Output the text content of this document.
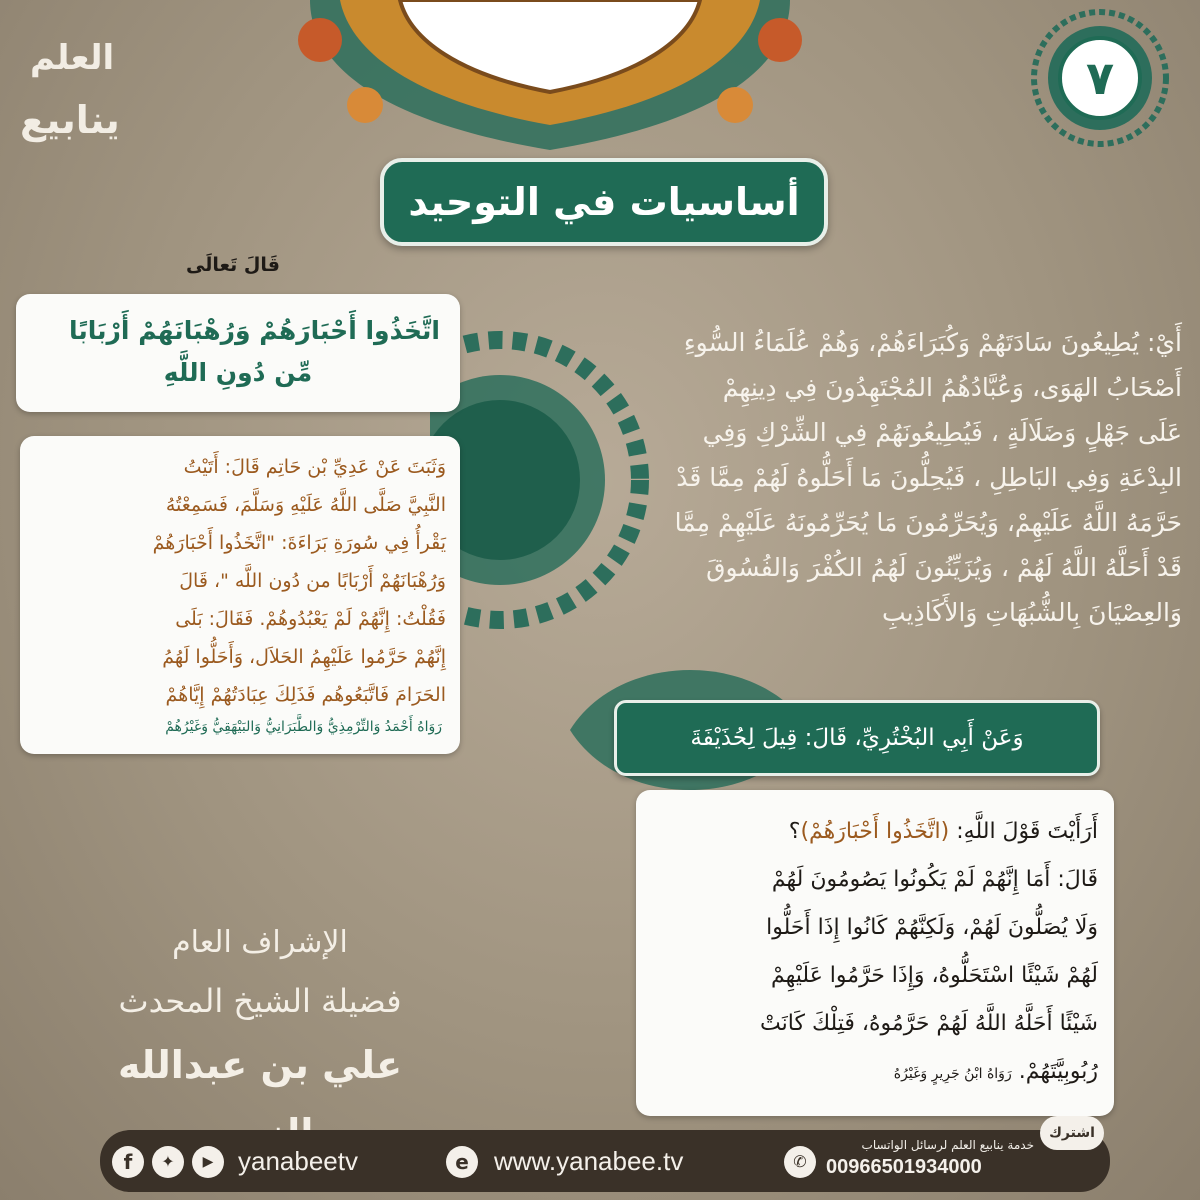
٧
العلم
ينابيع
أساسيات في التوحيد
قَالَ تَعالَى
اتَّخَذُوا أَحْبَارَهُمْ وَرُهْبَانَهُمْ أَرْبَابًا
مِّن دُونِ اللَّهِ
وَثَبَتَ عَنْ عَدِيِّ بْن حَاتِم قَالَ: أَتَيْتُ
النَّبِيَّ صَلَّى اللَّهُ عَلَيْهِ وَسَلَّمَ، فَسَمِعْتُهُ
يَقْرأُ فِي سُورَةِ بَرَاءَةَ: "اتَّخَذُوا أَحْبَارَهُمْ
وَرُهْبَانَهُمْ أَرْبَابًا من دُون اللَّه "، قَالَ
فَقُلْتُ: إِنَّهُمْ لَمْ يَعْبُدُوهُمْ. فَقَالَ: بَلَى
إِنَّهُمْ حَرَّمُوا عَلَيْهِمُ الحَلاَل، وَأَحَلُّوا لَهُمُ
الحَرَامَ فَاتَّبَعُوهُم فَذَلِكَ عِبَادَتُهُمْ إِيَّاهُمْ
رَوَاهُ أَحْمَدُ وَالتِّرْمِذِيُّ وَالطَّبَرَانِيُّ وَالبَيْهَقِيُّ وَغَيْرُهُمْ
أَيْ: يُطِيعُونَ سَادَتَهُمْ وَكُبَرَاءَهُمْ، وَهُمْ عُلَمَاءُ السُّوءِ
أَصْحَابُ الهَوَى، وَعُبَّادُهُمُ المُجْتَهِدُونَ فِي دِينِهِمْ
عَلَى جَهْلٍ وَضَلَالَةٍ ، فَيُطِيعُونَهُمْ فِي الشِّرْكِ وَفِي
البِدْعَةِ وَفِي البَاطِلِ ، فَيُحِلُّونَ مَا أَحَلُّوهُ لَهُمْ مِمَّا قَدْ
حَرَّمَهُ اللَّهُ عَلَيْهِمْ، وَيُحَرِّمُونَ مَا يُحَرِّمُونَهُ عَلَيْهِمْ مِمَّا
قَدْ أَحَلَّهُ اللَّهُ لَهُمْ ، وَيُزَيِّنُونَ لَهُمُ الكُفْرَ وَالفُسُوقَ
وَالعِصْيَانَ بِالشُّبُهَاتِ وَالأَكَاذِيبِ
وَعَنْ أَبِي البُخْتُرِيِّ، قَالَ: قِيلَ لِحُذَيْفَةَ
أَرَأَيْتَ قَوْلَ اللَّهِ: (اتَّخَذُوا أَحْبَارَهُمْ)؟
قَالَ: أَمَا إِنَّهُمْ لَمْ يَكُونُوا يَصُومُونَ لَهُمْ
وَلَا يُصَلُّونَ لَهُمْ، وَلَكِنَّهُمْ كَانُوا إِذَا أَحَلُّوا
لَهُمْ شَيْئًا اسْتَحَلُّوهُ، وَإِذَا حَرَّمُوا عَلَيْهِمْ
شَيْئًا أَحَلَّهُ اللَّهُ لَهُمْ حَرَّمُوهُ، فَتِلْكَ كَانَتْ
رُبُوبِيَّتَهُمْ. رَوَاهُ ابْنُ جَرِيرٍ وَغَيْرُهُ
الإشراف العام
فضيلة الشيخ المحدث
علي بن عبدالله
f	✦	▶ yanabeetv	e www.yanabee.tv	✆
خدمة ينابيع العلم لرسائل الواتساب
00966501934000
اشترك
